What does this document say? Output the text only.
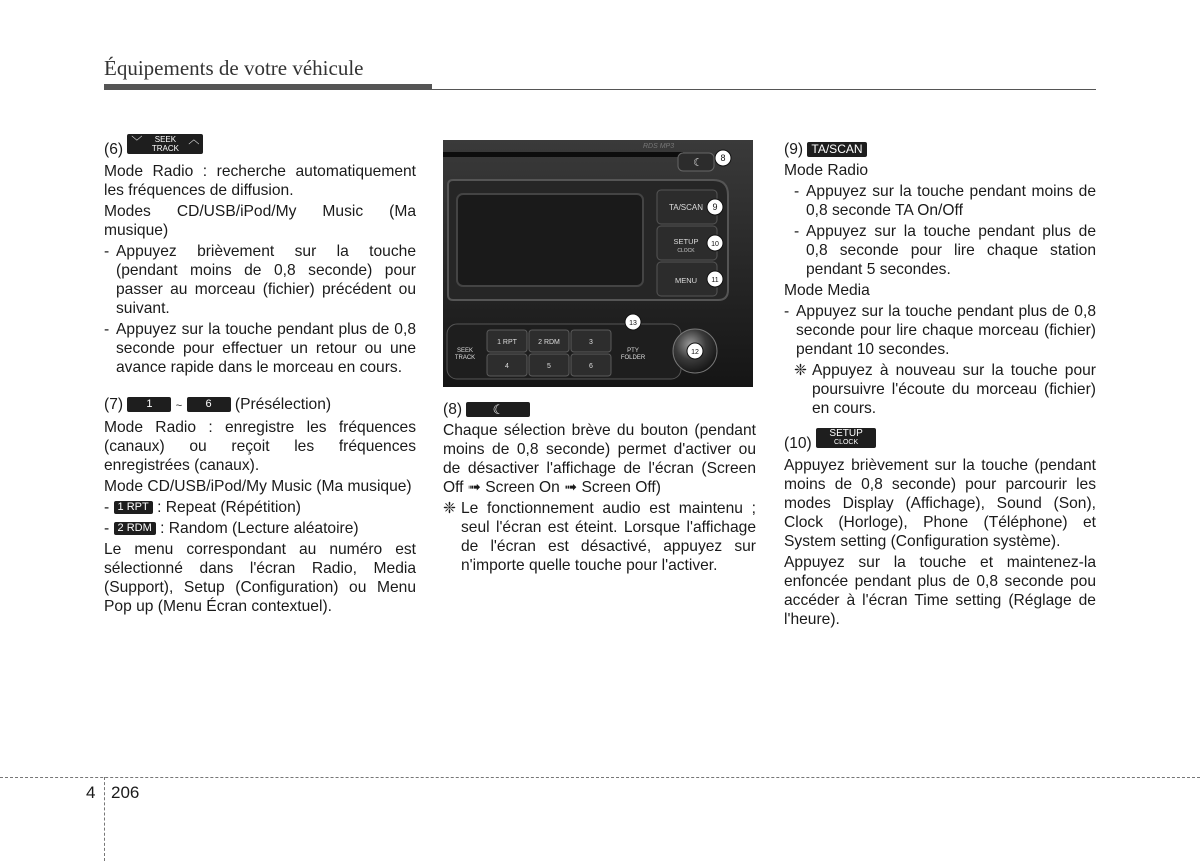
Équipements de votre véhicule

(6) ﹀	︿
SEEK
TRACK

Mode Radio : recherche automatiquement les fréquences de diffusion.

Modes CD/USB/iPod/My Music (Ma musique)

- Appuyez brièvement sur la touche (pendant moins de 0,8 seconde) pour passer au morceau (fichier) précédent ou suivant.

- Appuyez sur la touche pendant plus de 0,8 seconde pour effectuer un retour ou une avance rapide dans le morceau en cours.

(7) 1 ~ 6 (Présélection)

Mode Radio : enregistre les fréquences (canaux) ou reçoit les fréquences enregistrées (canaux).

Mode CD/USB/iPod/My Music (Ma musique)

- 1 RPT : Repeat (Répétition)

- 2 RDM : Random (Lecture aléatoire)

Le menu correspondant au numéro est sélectionné dans l'écran Radio, Media (Support), Setup (Configuration) ou Menu Pop up (Menu Écran contextuel).

RDS MP3
☾
TA/SCAN
SETUP
CLOCK
MENU
SEEK
TRACK
PTY
FOLDER
1 RPT	2 RDM	3
4	5	6
8
9
10
11
12
13

(8) ☾

Chaque sélection brève du bouton (pendant moins de 0,8 seconde) permet d'activer ou de désactiver l'affichage de l'écran (Screen Off ➟ Screen On ➟ Screen Off)

❈ Le fonctionnement audio est maintenu ; seul l'écran est éteint. Lorsque l'affichage de l'écran est désactivé, appuyez sur n'importe quelle touche pour l'activer.

(9) TA/SCAN

Mode Radio

- Appuyez sur la touche pendant moins de 0,8 seconde TA On/Off

- Appuyez sur la touche pendant plus de 0,8 seconde pour lire chaque station pendant 5 secondes.

Mode Media

- Appuyez sur la touche pendant plus de 0,8 seconde pour lire chaque morceau (fichier) pendant 10 secondes.

❈ Appuyez à nouveau sur la touche pour poursuivre l'écoute du morceau (fichier) en cours.

(10)
SETUP
CLOCK

Appuyez brièvement sur la touche (pendant moins de 0,8 seconde) pour parcourir les modes Display (Affichage), Sound (Son), Clock (Horloge), Phone (Téléphone) et System setting (Configuration système).

Appuyez sur la touche et maintenez-la enfoncée pendant plus de 0,8 seconde pou accéder à l'écran Time setting (Réglage de l'heure).

4 206
